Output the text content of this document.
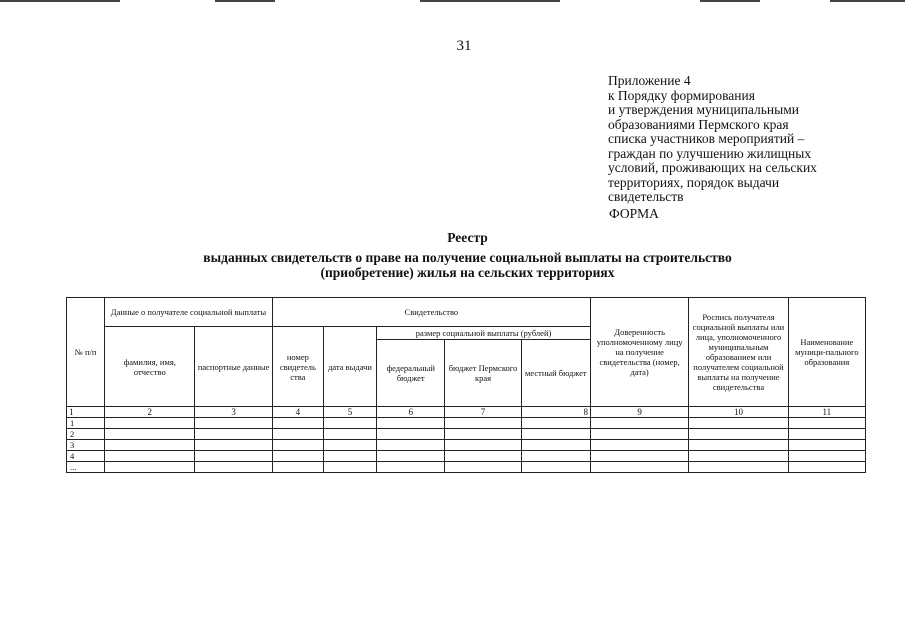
31
Приложение 4
к Порядку формирования
и утверждения муниципальными
образованиями Пермского края
списка участников мероприятий –
граждан по улучшению жилищных
условий, проживающих на сельских
территориях, порядок выдачи
свидетельств
ФОРМА
Реестр
выданных свидетельств о праве на получение социальной выплаты на строительство
(приобретение) жилья на сельских территориях
№ п/п	Данные о получателе социальной выплаты		Свидетельство					Доверенность уполномоченному лицу на получение свидетельства (номер, дата)	Роспись получателя социальной выплаты или лица, уполномоченного муниципальным образованием или получателем социальной выплаты на получение свидетельства	Наименование муници-пального образования
	фамилия, имя, отчество	паспортные данные	номер свидетель ства	дата выдачи	размер социальной выплаты (рублей)					
					федеральный бюджет	бюджет Пермского края	местный бюджет			
1	2	3	4	5	6	7	8	9	10	11
1										
2										
3										
4										
...										
